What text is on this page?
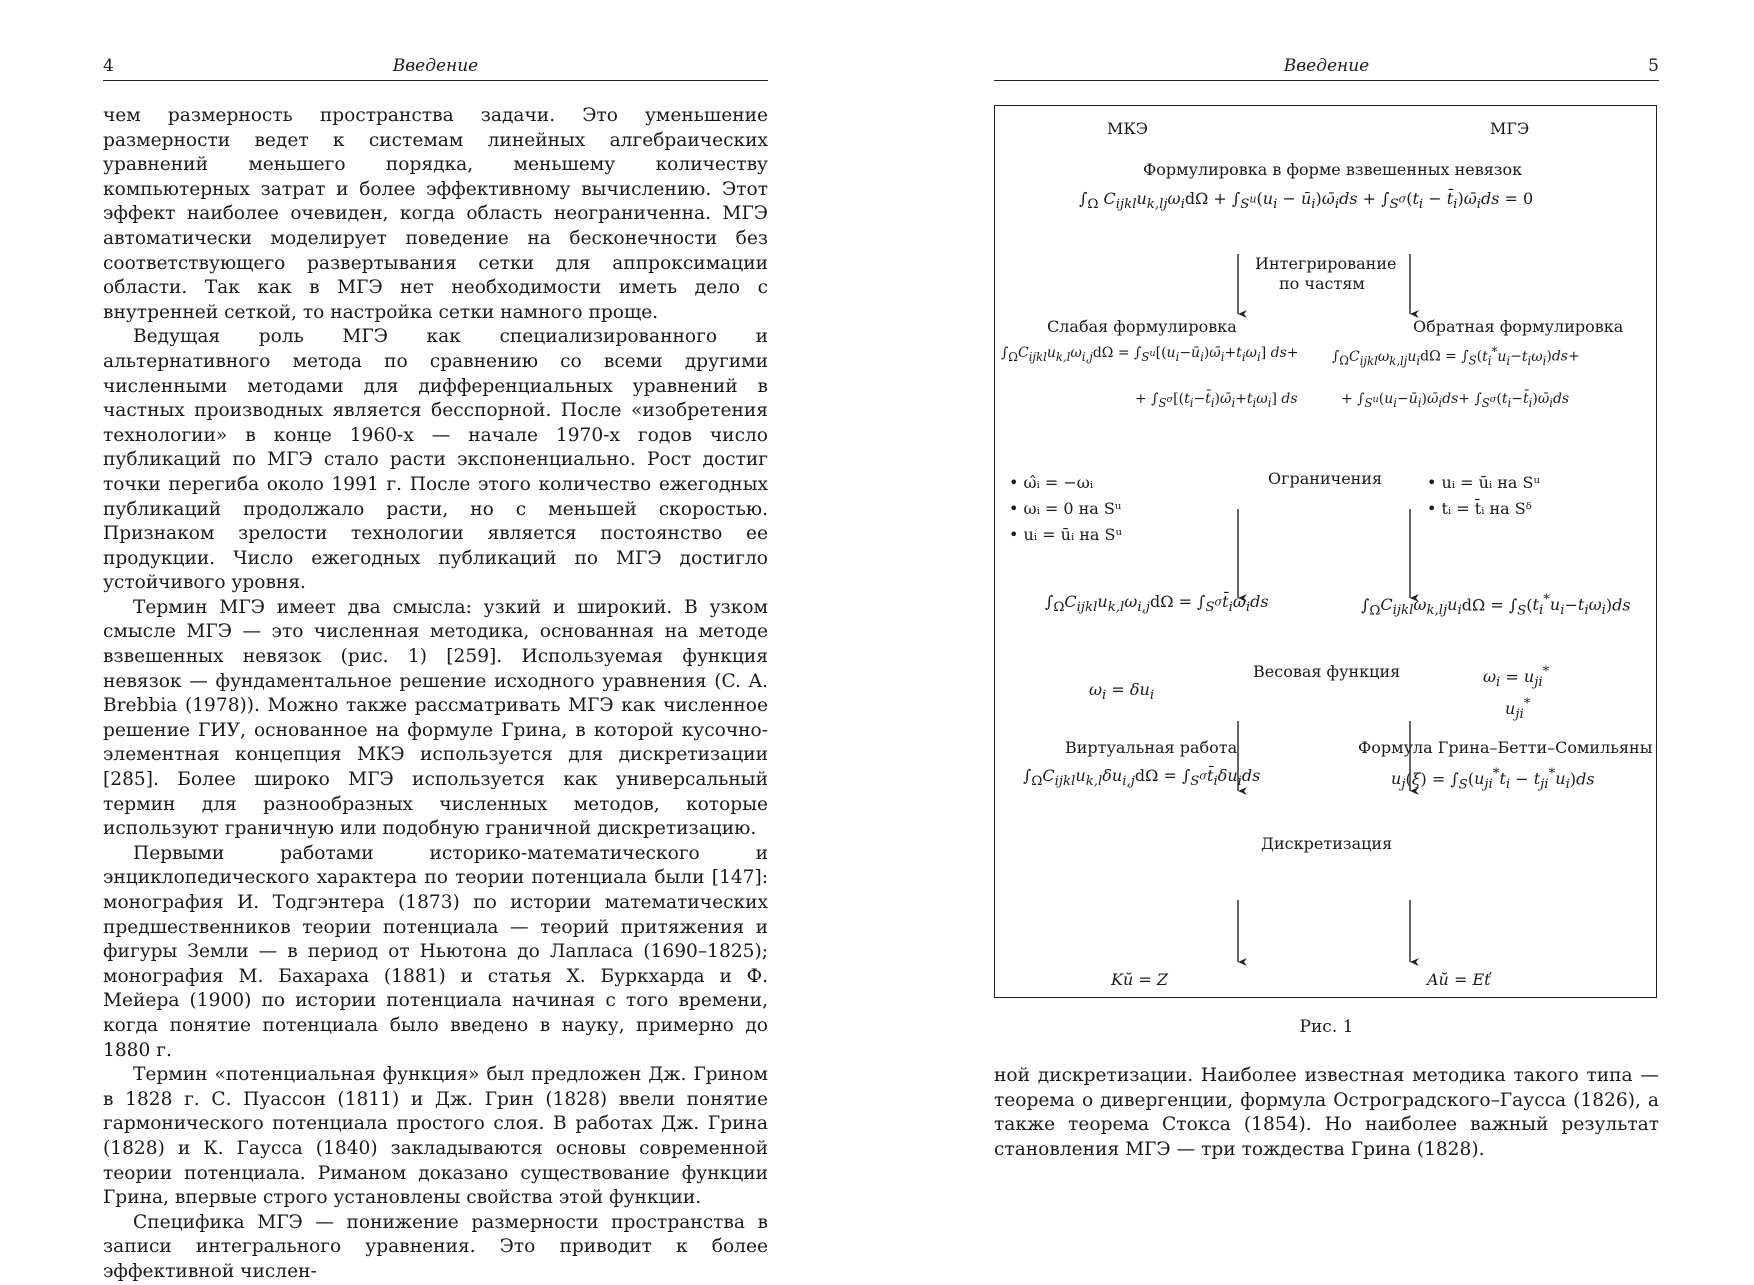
4	Введение

чем размерность пространства задачи. Это уменьшение размерности ведет к системам линейных алгебраических уравнений меньшего порядка, меньшему количеству компьютерных затрат и более эффективному вычислению. Этот эффект наиболее очевиден, когда область неограниченна. МГЭ автоматически моделирует поведение на бесконечности без соответствующего развертывания сетки для аппроксимации области. Так как в МГЭ нет необходимости иметь дело с внутренней сеткой, то настройка сетки намного проще.

Ведущая роль МГЭ как специализированного и альтернативного метода по сравнению со всеми другими численными методами для дифференциальных уравнений в частных производных является бесспорной. После «изобретения технологии» в конце 1960-х — начале 1970-х годов число публикаций по МГЭ стало расти экспоненциально. Рост достиг точки перегиба около 1991 г. После этого количество ежегодных публикаций продолжало расти, но с меньшей скоростью. Признаком зрелости технологии является постоянство ее продукции. Число ежегодных публикаций по МГЭ достигло устойчивого уровня.

Термин МГЭ имеет два смысла: узкий и широкий. В узком смысле МГЭ — это численная методика, основанная на методе взвешенных невязок (рис. 1) [259]. Используемая функция невязок — фундаментальное решение исходного уравнения (C. A. Brebbia (1978)). Можно также рассматривать МГЭ как численное решение ГИУ, основанное на формуле Грина, в которой кусочно-элементная концепция МКЭ используется для дискретизации [285]. Более широко МГЭ используется как универсальный термин для разнообразных численных методов, которые используют граничную или подобную граничной дискретизацию.

Первыми работами историко-математического и энциклопедического характера по теории потенциала были [147]: монография И. Тодгэнтера (1873) по истории математических предшественников теории потенциала — теорий притяжения и фигуры Земли — в период от Ньютона до Лапласа (1690–1825); монография М. Бахараха (1881) и статья Х. Буркхарда и Ф. Мейера (1900) по истории потенциала начиная с того времени, когда понятие потенциала было введено в науку, примерно до 1880 г.

Термин «потенциальная функция» был предложен Дж. Грином в 1828 г. С. Пуассон (1811) и Дж. Грин (1828) ввели понятие гармонического потенциала простого слоя. В работах Дж. Грина (1828) и К. Гаусса (1840) закладываются основы современной теории потенциала. Риманом доказано существование функции Грина, впервые строго установлены свойства этой функции.

Специфика МГЭ — понижение размерности пространства в записи интегрального уравнения. Это приводит к более эффективной числен-

Введение	5
МКЭ	МГЭ
Формулировка в форме взвешенных невязок
$\int_\Omega$ $C_{ijkl}u_{k,lj}\omega_id\Omega + \int_{S^u}(u_i$ − $ū_i)\omegā_ids + \int_{S^\sigma}(t_i$ − $t̄_i)\omegā_ids = 0$
Интегрирование
по частям
Слабая формулировка	Обратная формулировка
$\int_\Omega C_{ijkl}u_{k,l}\omega_{i,j}d\Omega$ = $\int_{S^u}[(u_i-ū_i)\omegā_i+t_i\omega_i]$ ds+
+ $\int_{S^\sigma}[(t_i-t̄_i)\omegā_i+t_i\omega_i]$ ds
$\int_\Omega C_{ijkl}\omega_{k,lj}u_id\Omega = \int_S(t_i^*u_i-t_i\omega_i)ds+$
+ $\int_{S^u}(u_i-ū_i)\omegā_ids+$ $\int_{S^\sigma}(t_i-t̄_i)\omegā_ids$
Ограничения
• ω̂ᵢ = −ωᵢ
• ωᵢ = 0 на Sᵘ
• uᵢ = ūᵢ на Sᵘ
• uᵢ = ūᵢ на Sᵘ
• tᵢ = t̄ᵢ на Sᵟ
$\int_\Omega C_{ijkl}u_{k,l}\omega_{i,j}d\Omega$ = $\int_{S^\sigma}t̄_i\omega_ids$	$\int_\Omega C_{ijkl}\omega_{k,lj}u_id\Omega = \int_S(t_i^*u_i-t_i\omega_i)ds$
Весовая функция
$\omega_i = \delta u_i$
$\omega_i = u_{ji}^*$
$u_{ji}^*$
Виртуальная работа	Формула Грина–Бетти–Сомильяны
$\int_\Omega C_{ijkl}u_{k,l}\delta u_{i,j}d\Omega$ = $\int_{S^\sigma}t̄_i\delta u_ids$	$u_j(\xi) = \int_S(u_{ji}^*t_i - t_{ji}^*u_i)ds$
Дискретизация
Kŭ = Z	Aŭ = Eť
Рис. 1

ной дискретизации. Наиболее известная методика такого типа — теорема о дивергенции, формула Остроградского–Гаусса (1826), а также теорема Стокса (1854). Но наиболее важный результат становления МГЭ — три тождества Грина (1828).
